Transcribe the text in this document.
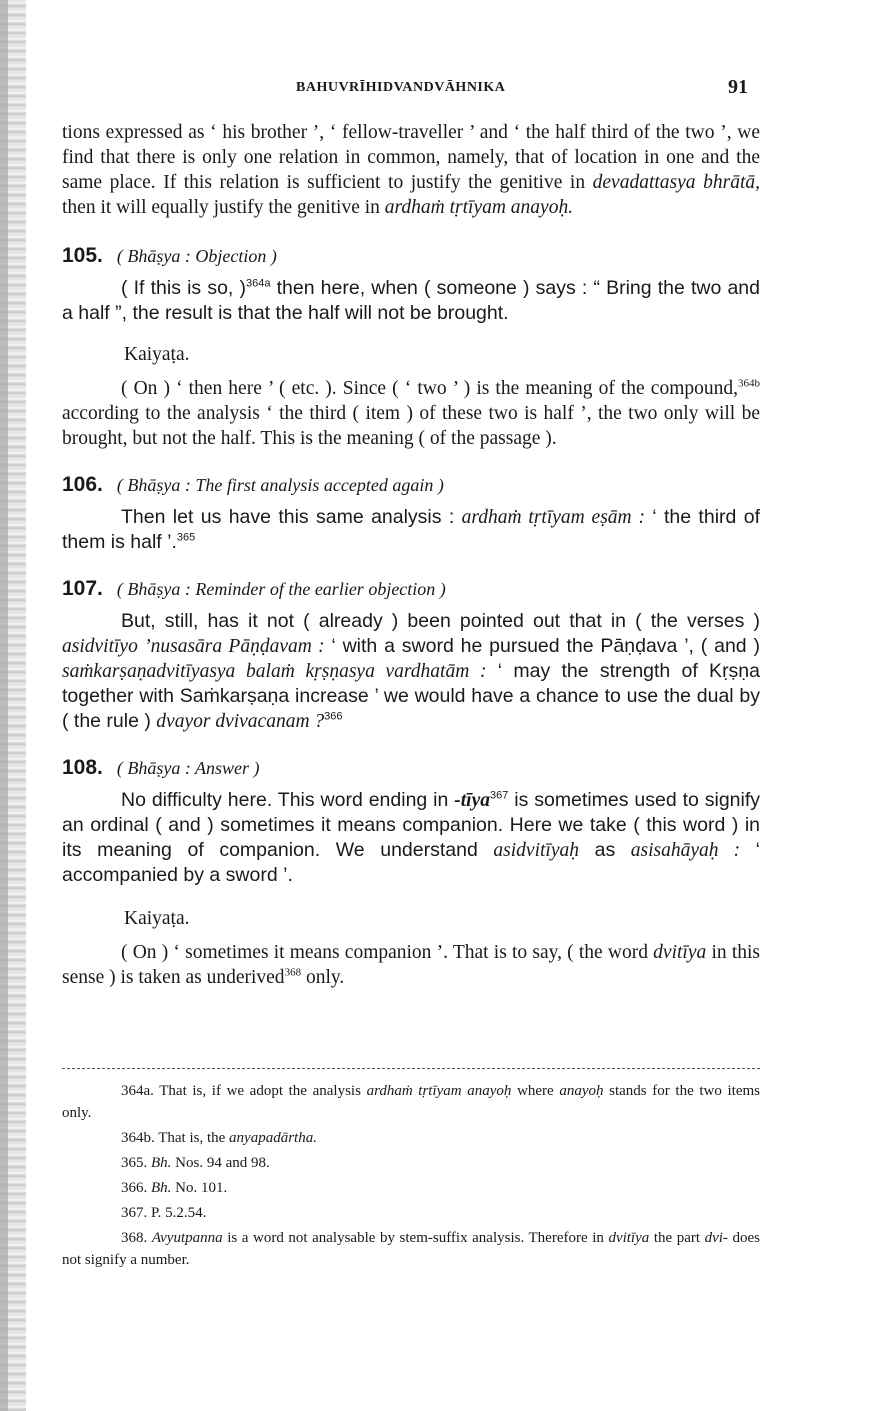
BAHUVRĪHIDVANDVĀHNIKA	91

tions expressed as ‘ his brother ’, ‘ fellow-traveller ’ and ‘ the half third of the two ’, we find that there is only one relation in common, namely, that of location in one and the same place. If this relation is sufficient to justify the genitive in devadattasya bhrātā, then it will equally justify the genitive in ardhaṁ tṛtīyam anayoḥ.

105. ( Bhāṣya : Objection )

( If this is so, )$^{364a}$ then here, when ( someone ) says : “ Bring the two and a half ”, the result is that the half will not be brought.

Kaiyaṭa.

( On ) ‘ then here ’ ( etc. ). Since ( ‘ two ’ ) is the meaning of the compound,$^{364b}$ according to the analysis ‘ the third ( item ) of these two is half ’, the two only will be brought, but not the half. This is the meaning ( of the passage ).

106. ( Bhāṣya : The first analysis accepted again )

Then let us have this same analysis : ardhaṁ tṛtīyam eṣām : ‘ the third of them is half ’.$^{365}$

107. ( Bhāṣya : Reminder of the earlier objection )

But, still, has it not ( already ) been pointed out that in ( the verses ) asidvitīyo ’nusasāra Pāṇḍavam : ‘ with a sword he pursued the Pāṇḍava ’, ( and ) saṁkarṣaṇadvitīyasya balaṁ kṛṣṇasya vardhatām : ‘ may the strength of Kṛṣṇa together with Saṁkarṣaṇa increase ’ we would have a chance to use the dual by ( the rule ) dvayor dvivacanam ?$^{366}$

108. ( Bhāṣya : Answer )

No difficulty here. This word ending in -tīya$^{367}$ is sometimes used to signify an ordinal ( and ) sometimes it means companion. Here we take ( this word ) in its meaning of companion. We understand asidvitīyaḥ as asisahāyaḥ : ‘ accompanied by a sword ’.

Kaiyaṭa.

( On ) ‘ sometimes it means companion ’. That is to say, ( the word dvitīya in this sense ) is taken as underived$^{368}$ only.

364a. That is, if we adopt the analysis ardhaṁ tṛtīyam anayoḥ where anayoḥ stands for the two items only.

364b. That is, the anyapadārtha.

365. Bh. Nos. 94 and 98.

366. Bh. No. 101.

367. P. 5.2.54.

368. Avyutpanna is a word not analysable by stem-suffix analysis. Therefore in dvitīya the part dvi- does not signify a number.
